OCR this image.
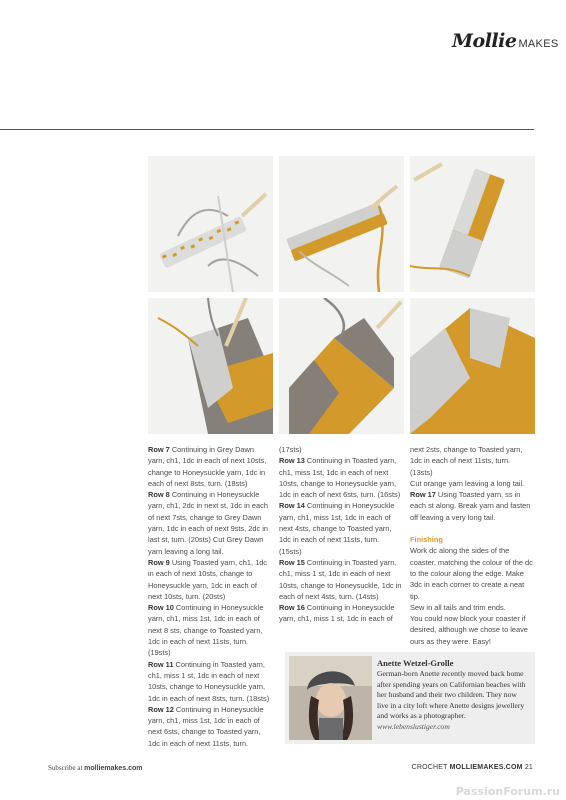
Mollie MAKES

Row 7 Continuing in Grey Dawn yarn, ch1, 1dc in each of next 10sts, change to Honeysuckle yarn, 1dc in each of next 8sts, turn. (18sts)

Row 8 Continuing in Honeysuckle yarn, ch1, 2dc in next st, 1dc in each of next 7sts, change to Grey Dawn yarn, 1dc in each of next 9sts, 2dc in last st, turn. (20sts) Cut Grey Dawn yarn leaving a long tail.

Row 9 Using Toasted yarn, ch1, 1dc in each of next 10sts, change to Honeysuckle yarn, 1dc in each of next 10sts, turn. (20sts)

Row 10 Continuing in Honeysuckle yarn, ch1, miss 1st, 1dc in each of next 8 sts, change to Toasted yarn, 1dc in each of next 11sts, turn. (19sts)

Row 11 Continuing in Toasted yarn, ch1, miss 1 st, 1dc in each of next 10sts, change to Honeysuckle yarn, 1dc in each of next 8sts, turn. (18sts)

Row 12 Continuing in Honeysuckle yarn, ch1, miss 1st, 1dc in each of next 6sts, change to Toasted yarn, 1dc in each of next 11sts, turn.

(17sts)

Row 13 Continuing in Toasted yarn, ch1, miss 1st, 1dc in each of next 10sts, change to Honeysuckle yarn, 1dc in each of next 6sts, turn. (16sts)

Row 14 Continuing in Honeysuckle yarn, ch1, miss 1st, 1dc in each of next 4sts, change to Toasted yarn, 1dc in each of next 11sts, turn. (15sts)

Row 15 Continuing in Toasted yarn, ch1, miss 1 st, 1dc in each of next 10sts, change to Honeysuckle, 1dc in each of next 4sts, turn. (14sts)

Row 16 Continuing in Honeysuckle yarn, ch1, miss 1 st, 1dc in each of

next 2sts, change to Toasted yarn, 1dc in each of next 11sts, turn. (13sts)

Cut orange yarn leaving a long tail.

Row 17 Using Toasted yarn, ss in each st along. Break yarn and fasten off leaving a very long tail.

Finishing

Work dc along the sides of the coaster, matching the colour of the dc to the colour along the edge. Make 3dc in each corner to create a neat tip.

Sew in all tails and trim ends.

You could now block your coaster if desired, although we chose to leave ours as they were. Easy!

Anette Wetzel-Grolle
German-born Anette recently moved back home after spending years on Californian beaches with her husband and their two children. They now live in a city loft where Anette designs jewellery and works as a photographer. www.lebenslustiger.com
Subscribe at molliemakes.com	CROCHET MOLLIEMAKES.COM 21
PassionForum.ru
